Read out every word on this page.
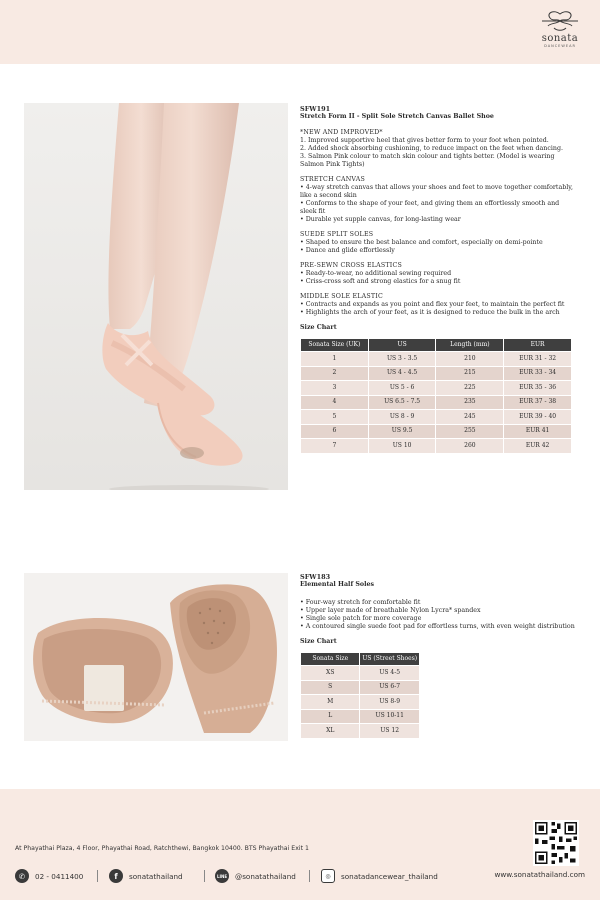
sonata
DANCEWEAR
SFW191
Stretch Form II - Split Sole Stretch Canvas Ballet Shoe
*NEW AND IMPROVED*
1. Improved supportive heel that gives better form to your foot when pointed.
2. Added shock absorbing cushioning, to reduce impact on the feet when dancing.
3. Salmon Pink colour to match skin colour and tights better. (Model is wearing Salmon Pink Tights)
STRETCH CANVAS
• 4-way stretch canvas that allows your shoes and feet to move together comfortably, like a second skin
• Conforms to the shape of your feet, and giving them an effortlessly smooth and sleek fit
• Durable yet supple canvas, for long-lasting wear
SUEDE SPLIT SOLES
• Shaped to ensure the best balance and comfort, especially on demi-pointe
• Dance and glide effortlessly
PRE-SEWN CROSS ELASTICS
• Ready-to-wear, no additional sewing required
• Criss-cross soft and strong elastics for a snug fit
MIDDLE SOLE ELASTIC
• Contracts and expands as you point and flex your feet, to maintain the perfect fit
• Highlights the arch of your feet, as it is designed to reduce the bulk in the arch
Size Chart
Sonata Size (UK)	US	Length (mm)	EUR
1	US 3 - 3.5	210	EUR 31 - 32
2	US 4 - 4.5	215	EUR 33 - 34
3	US 5 - 6	225	EUR 35 - 36
4	US 6.5 - 7.5	235	EUR 37 - 38
5	US 8 - 9	245	EUR 39 - 40
6	US 9.5	255	EUR 41
7	US 10	260	EUR 42
SFW183
Elemental Half Soles
• Four-way stretch for comfortable fit
• Upper layer made of breathable Nylon Lycra* spandex
• Single sole patch for more coverage
• A contoured single suede foot pad for effortless turns, with even weight distribution
Size Chart
Sonata Size	US (Street Shoes)
XS	US 4-5
S	US 6-7
M	US 8-9
L	US 10-11
XL	US 12
At Phayathai Plaza, 4 Floor, Phayathai Road, Ratchthewi, Bangkok 10400. BTS Phayathai Exit 1
✆	02 - 0411400	f	sonatathailand	LINE @sonatathailand	◎	sonatadancewear_thailand	www.sonatathailand.com
